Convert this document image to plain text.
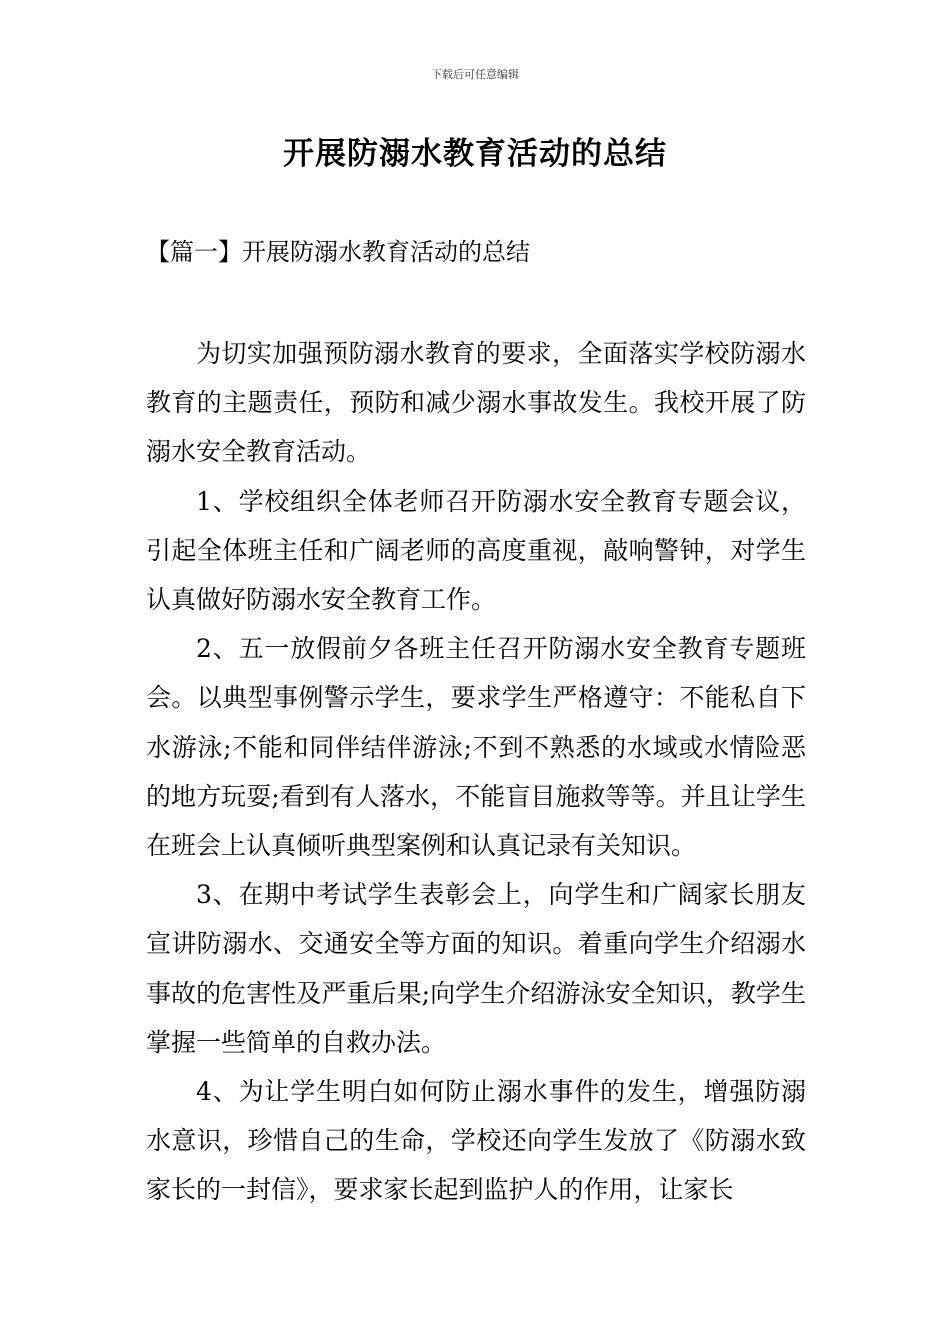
下载后可任意编辑
开展防溺水教育活动的总结
【篇一】开展防溺水教育活动的总结

为切实加强预防溺水教育的要求，全面落实学校防溺水教育的主题责任，预防和减少溺水事故发生。我校开展了防溺水安全教育活动。

1、学校组织全体老师召开防溺水安全教育专题会议，引起全体班主任和广阔老师的高度重视，敲响警钟，对学生认真做好防溺水安全教育工作。

2、五一放假前夕各班主任召开防溺水安全教育专题班会。以典型事例警示学生，要求学生严格遵守：不能私自下水游泳;不能和同伴结伴游泳;不到不熟悉的水域或水情险恶的地方玩耍;看到有人落水，不能盲目施救等等。并且让学生在班会上认真倾听典型案例和认真记录有关知识。

3、在期中考试学生表彰会上，向学生和广阔家长朋友宣讲防溺水、交通安全等方面的知识。着重向学生介绍溺水事故的危害性及严重后果;向学生介绍游泳安全知识，教学生掌握一些简单的自救办法。

4、为让学生明白如何防止溺水事件的发生，增强防溺水意识，珍惜自己的生命，学校还向学生发放了《防溺水致家长的一封信》，要求家长起到监护人的作用，让家长
